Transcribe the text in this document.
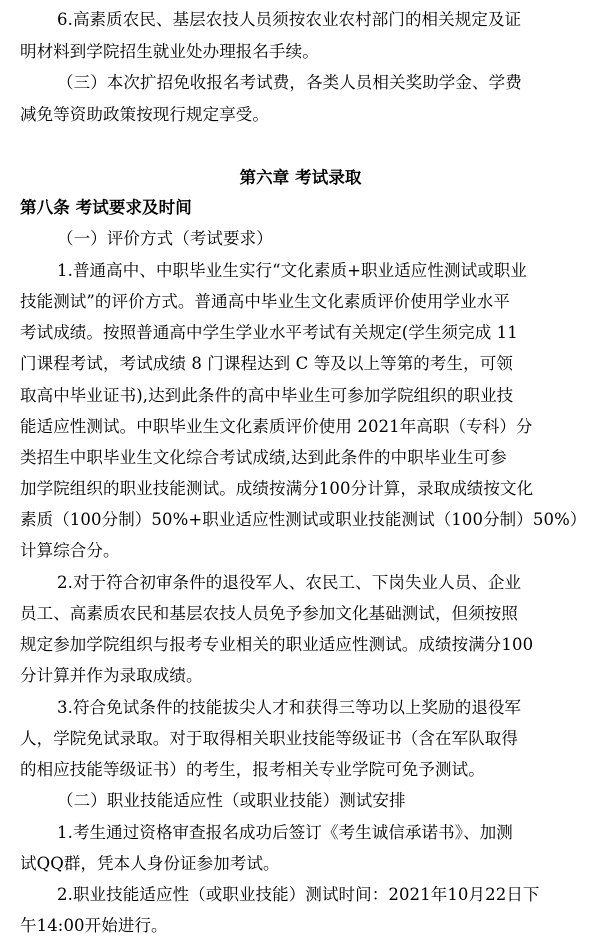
6.高素质农民、基层农技人员须按农业农村部门的相关规定及证
明材料到学院招生就业处办理报名手续。
（三）本次扩招免收报名考试费，各类人员相关奖助学金、学费
减免等资助政策按现行规定享受。
第六章 考试录取
第八条 考试要求及时间
（一）评价方式（考试要求）
1.普通高中、中职毕业生实行“文化素质+职业适应性测试或职业
技能测试”的评价方式。普通高中毕业生文化素质评价使用学业水平
考试成绩。按照普通高中学生学业水平考试有关规定(学生须完成 11
门课程考试，考试成绩 8 门课程达到 C 等及以上等第的考生，可领
取高中毕业证书),达到此条件的高中毕业生可参加学院组织的职业技
能适应性测试。中职毕业生文化素质评价使用 2021年高职（专科）分
类招生中职毕业生文化综合考试成绩,达到此条件的中职毕业生可参
加学院组织的职业技能测试。成绩按满分100分计算，录取成绩按文化
素质（100分制）50%+职业适应性测试或职业技能测试（100分制）50%）
计算综合分。
2.对于符合初审条件的退役军人、农民工、下岗失业人员、企业
员工、高素质农民和基层农技人员免予参加文化基础测试，但须按照
规定参加学院组织与报考专业相关的职业适应性测试。成绩按满分100
分计算并作为录取成绩。
3.符合免试条件的技能拔尖人才和获得三等功以上奖励的退役军
人，学院免试录取。对于取得相关职业技能等级证书（含在军队取得
的相应技能等级证书）的考生，报考相关专业学院可免予测试。
（二）职业技能适应性（或职业技能）测试安排
1.考生通过资格审查报名成功后签订《考生诚信承诺书》、加测
试QQ群，凭本人身份证参加考试。
2.职业技能适应性（或职业技能）测试时间：2021年10月22日下
午14:00开始进行。
